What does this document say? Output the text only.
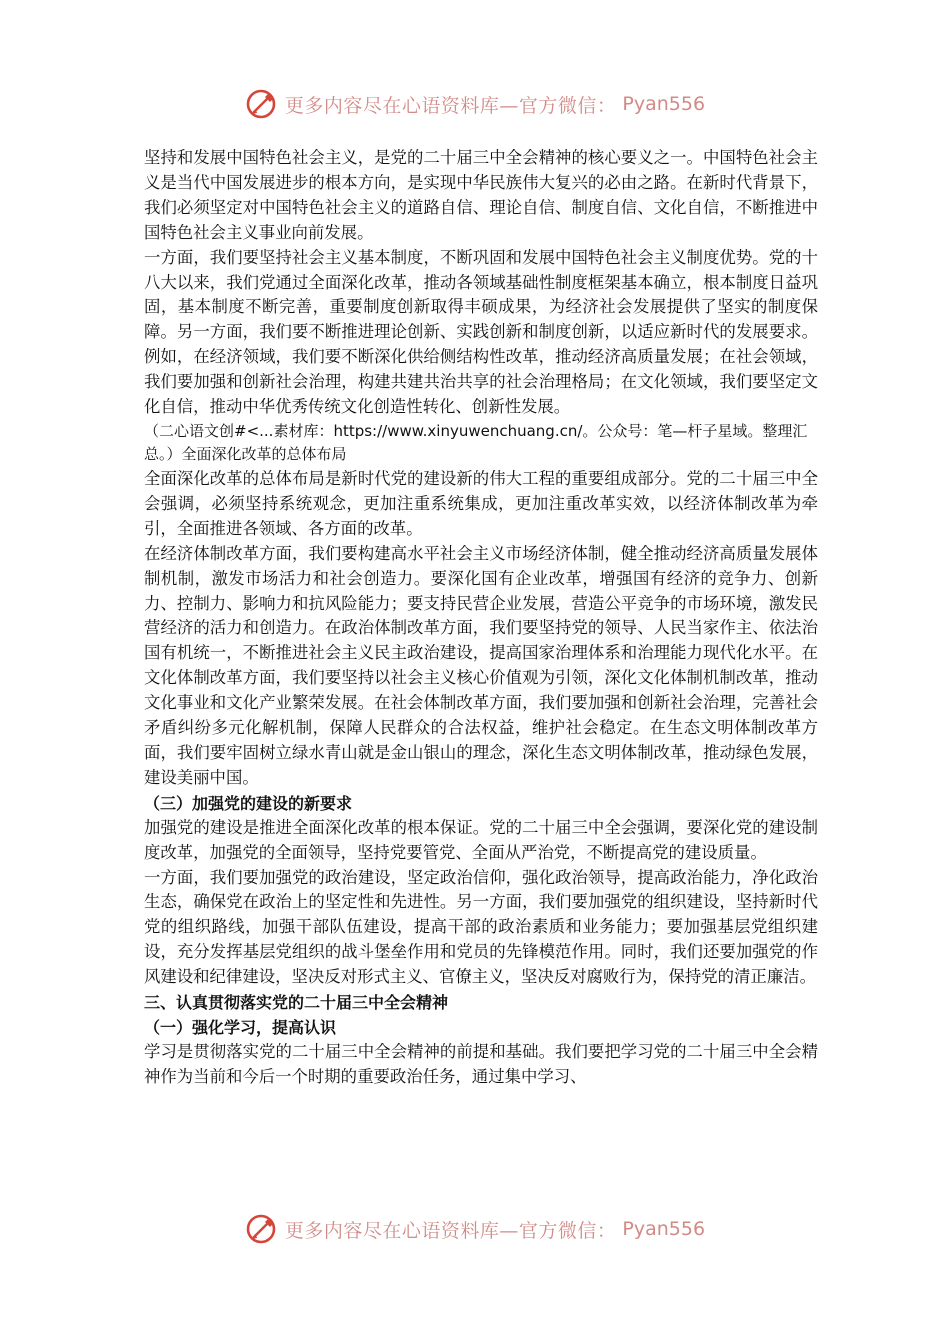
更多内容尽在心语资料库—官方微信： Pyan556

坚持和发展中国特色社会主义，是党的二十届三中全会精神的核心要义之一。中国特色社会主义是当代中国发展进步的根本方向，是实现中华民族伟大复兴的必由之路。在新时代背景下，我们必须坚定对中国特色社会主义的道路自信、理论自信、制度自信、文化自信，不断推进中国特色社会主义事业向前发展。

一方面，我们要坚持社会主义基本制度，不断巩固和发展中国特色社会主义制度优势。党的十八大以来，我们党通过全面深化改革，推动各领域基础性制度框架基本确立，根本制度日益巩固，基本制度不断完善，重要制度创新取得丰硕成果，为经济社会发展提供了坚实的制度保障。另一方面，我们要不断推进理论创新、实践创新和制度创新，以适应新时代的发展要求。例如，在经济领域，我们要不断深化供给侧结构性改革，推动经济高质量发展；在社会领域，我们要加强和创新社会治理，构建共建共治共享的社会治理格局；在文化领域，我们要坚定文化自信，推动中华优秀传统文化创造性转化、创新性发展。

（二心语文创#<...素材库：https://www.xinyuwenchuang.cn/。公众号：笔—杆子星域。整理汇总。）全面深化改革的总体布局

全面深化改革的总体布局是新时代党的建设新的伟大工程的重要组成部分。党的二十届三中全会强调，必须坚持系统观念，更加注重系统集成，更加注重改革实效，以经济体制改革为牵引，全面推进各领域、各方面的改革。

在经济体制改革方面，我们要构建高水平社会主义市场经济体制，健全推动经济高质量发展体制机制，激发市场活力和社会创造力。要深化国有企业改革，增强国有经济的竞争力、创新力、控制力、影响力和抗风险能力；要支持民营企业发展，营造公平竞争的市场环境，激发民营经济的活力和创造力。在政治体制改革方面，我们要坚持党的领导、人民当家作主、依法治国有机统一，不断推进社会主义民主政治建设，提高国家治理体系和治理能力现代化水平。在文化体制改革方面，我们要坚持以社会主义核心价值观为引领，深化文化体制机制改革，推动文化事业和文化产业繁荣发展。在社会体制改革方面，我们要加强和创新社会治理，完善社会矛盾纠纷多元化解机制，保障人民群众的合法权益，维护社会稳定。在生态文明体制改革方面，我们要牢固树立绿水青山就是金山银山的理念，深化生态文明体制改革，推动绿色发展，建设美丽中国。

（三）加强党的建设的新要求

加强党的建设是推进全面深化改革的根本保证。党的二十届三中全会强调，要深化党的建设制度改革，加强党的全面领导，坚持党要管党、全面从严治党，不断提高党的建设质量。

一方面，我们要加强党的政治建设，坚定政治信仰，强化政治领导，提高政治能力，净化政治生态，确保党在政治上的坚定性和先进性。另一方面，我们要加强党的组织建设，坚持新时代党的组织路线，加强干部队伍建设，提高干部的政治素质和业务能力；要加强基层党组织建设，充分发挥基层党组织的战斗堡垒作用和党员的先锋模范作用。同时，我们还要加强党的作风建设和纪律建设，坚决反对形式主义、官僚主义，坚决反对腐败行为，保持党的清正廉洁。

三、认真贯彻落实党的二十届三中全会精神

（一）强化学习，提高认识

学习是贯彻落实党的二十届三中全会精神的前提和基础。我们要把学习党的二十届三中全会精神作为当前和今后一个时期的重要政治任务，通过集中学习、

更多内容尽在心语资料库—官方微信： Pyan556
